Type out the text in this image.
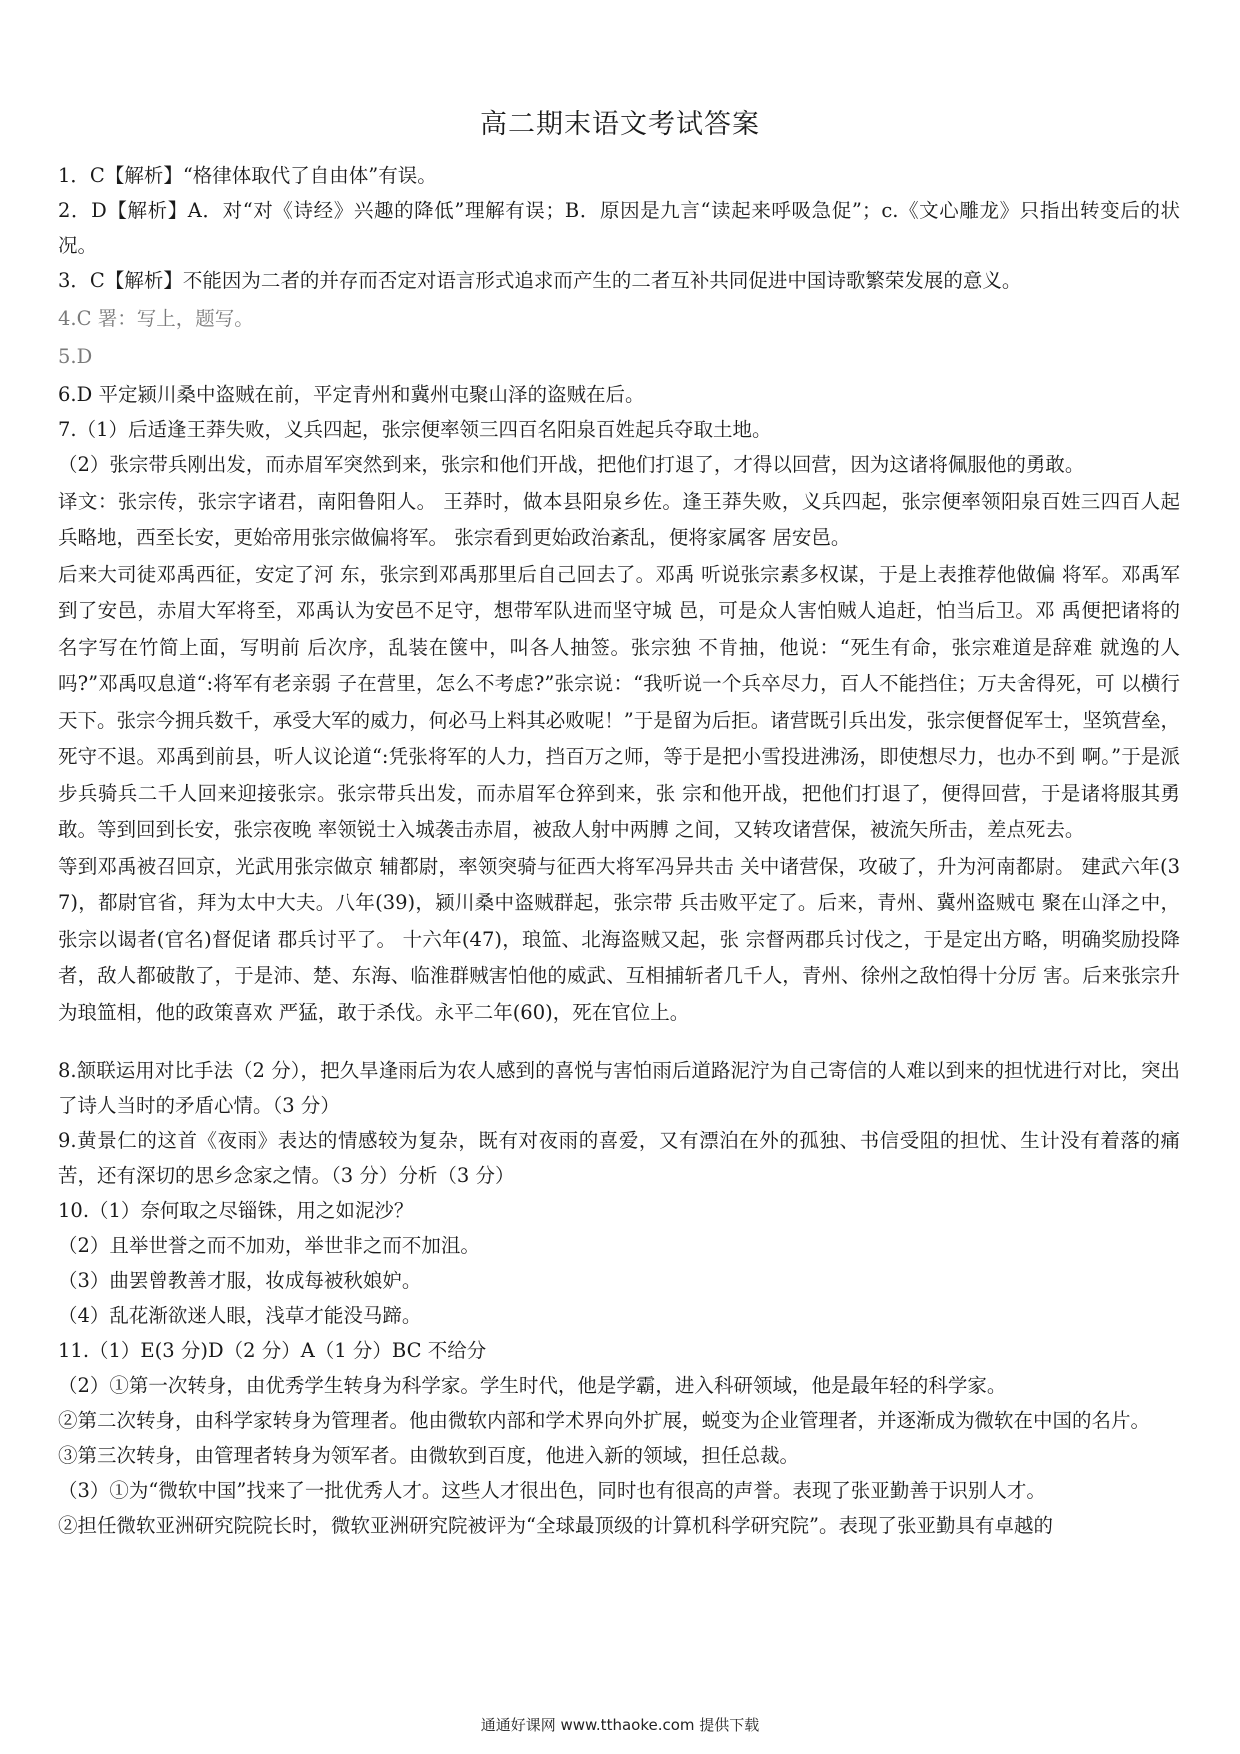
高二期末语文考试答案

1．C【解析】“格律体取代了自由体”有误。

2．D【解析】A．对“对《诗经》兴趣的降低”理解有误；B．原因是九言“读起来呼吸急促”；c.《文心雕龙》只指出转变后的状况。

3．C【解析】不能因为二者的并存而否定对语言形式追求而产生的二者互补共同促进中国诗歌繁荣发展的意义。

4.C 署：写上，题写。

5.D

6.D 平定颍川桑中盗贼在前，平定青州和冀州屯聚山泽的盗贼在后。

7.（1）后适逢王莽失败，义兵四起，张宗便率领三四百名阳泉百姓起兵夺取土地。

（2）张宗带兵刚出发，而赤眉军突然到来，张宗和他们开战，把他们打退了，才得以回营，因为这诸将佩服他的勇敢。

译文：张宗传，张宗字诸君，南阳鲁阳人。 王莽时，做本县阳泉乡佐。逢王莽失败，义兵四起，张宗便率领阳泉百姓三四百人起 兵略地，西至长安，更始帝用张宗做偏将军。 张宗看到更始政治紊乱，便将家属客 居安邑。

后来大司徒邓禹西征，安定了河 东，张宗到邓禹那里后自己回去了。邓禹 听说张宗素多权谋，于是上表推荐他做偏 将军。邓禹军到了安邑，赤眉大军将至，邓禹认为安邑不足守，想带军队进而坚守城 邑，可是众人害怕贼人追赶，怕当后卫。邓 禹便把诸将的名字写在竹简上面，写明前 后次序，乱装在箧中，叫各人抽签。张宗独 不肯抽，他说：“死生有命，张宗难道是辞难 就逸的人吗?”邓禹叹息道“:将军有老亲弱 子在营里，怎么不考虑?”张宗说：“我听说一个兵卒尽力，百人不能挡住；万夫舍得死，可 以横行天下。张宗今拥兵数千，承受大军的威力，何必马上料其必败呢！”于是留为后拒。诸营既引兵出发，张宗便督促军士，坚筑营垒，死守不退。邓禹到前县，听人议论道“:凭张将军的人力，挡百万之师，等于是把小雪投进沸汤，即使想尽力，也办不到 啊。”于是派步兵骑兵二千人回来迎接张宗。张宗带兵出发，而赤眉军仓猝到来，张 宗和他开战，把他们打退了，便得回营，于是诸将服其勇敢。等到回到长安，张宗夜晚 率领锐士入城袭击赤眉，被敌人射中两膊 之间，又转攻诸营保，被流矢所击，差点死去。

等到邓禹被召回京，光武用张宗做京 辅都尉，率领突骑与征西大将军冯异共击 关中诸营保，攻破了，升为河南都尉。 建武六年(37)，都尉官省，拜为太中大夫。八年(39)，颍川桑中盗贼群起，张宗带 兵击败平定了。后来，青州、冀州盗贼屯 聚在山泽之中，张宗以谒者(官名)督促诸 郡兵讨平了。 十六年(47)，琅笽、北海盗贼又起，张 宗督两郡兵讨伐之，于是定出方略，明确奖励投降者，敌人都破散了，于是沛、楚、东海、临淮群贼害怕他的威武、互相捕斩者几千人，青州、徐州之敌怕得十分厉 害。后来张宗升为琅笽相，他的政策喜欢 严猛，敢于杀伐。永平二年(60)，死在官位上。

8.颔联运用对比手法（2 分），把久旱逢雨后为农人感到的喜悦与害怕雨后道路泥泞为自己寄信的人难以到来的担忧进行对比，突出了诗人当时的矛盾心情。（3 分）

9.黄景仁的这首《夜雨》表达的情感较为复杂，既有对夜雨的喜爱，又有漂泊在外的孤独、书信受阻的担忧、生计没有着落的痛苦，还有深切的思乡念家之情。（3 分）分析（3 分）

10.（1）奈何取之尽锱铢，用之如泥沙？

（2）且举世誉之而不加劝，举世非之而不加沮。

（3）曲罢曾教善才服，妆成每被秋娘妒。

（4）乱花渐欲迷人眼，浅草才能没马蹄。

11.（1）E(3 分)D（2 分）A（1 分）BC 不给分

（2）①第一次转身，由优秀学生转身为科学家。学生时代，他是学霸，进入科研领域，他是最年轻的科学家。

②第二次转身，由科学家转身为管理者。他由微软内部和学术界向外扩展，蜕变为企业管理者，并逐渐成为微软在中国的名片。

③第三次转身，由管理者转身为领军者。由微软到百度，他进入新的领域，担任总裁。

（3）①为“微软中国”找来了一批优秀人才。这些人才很出色，同时也有很高的声誉。表现了张亚勤善于识别人才。

②担任微软亚洲研究院院长时，微软亚洲研究院被评为“全球最顶级的计算机科学研究院”。表现了张亚勤具有卓越的

通通好课网 www.tthaoke.com 提供下载
